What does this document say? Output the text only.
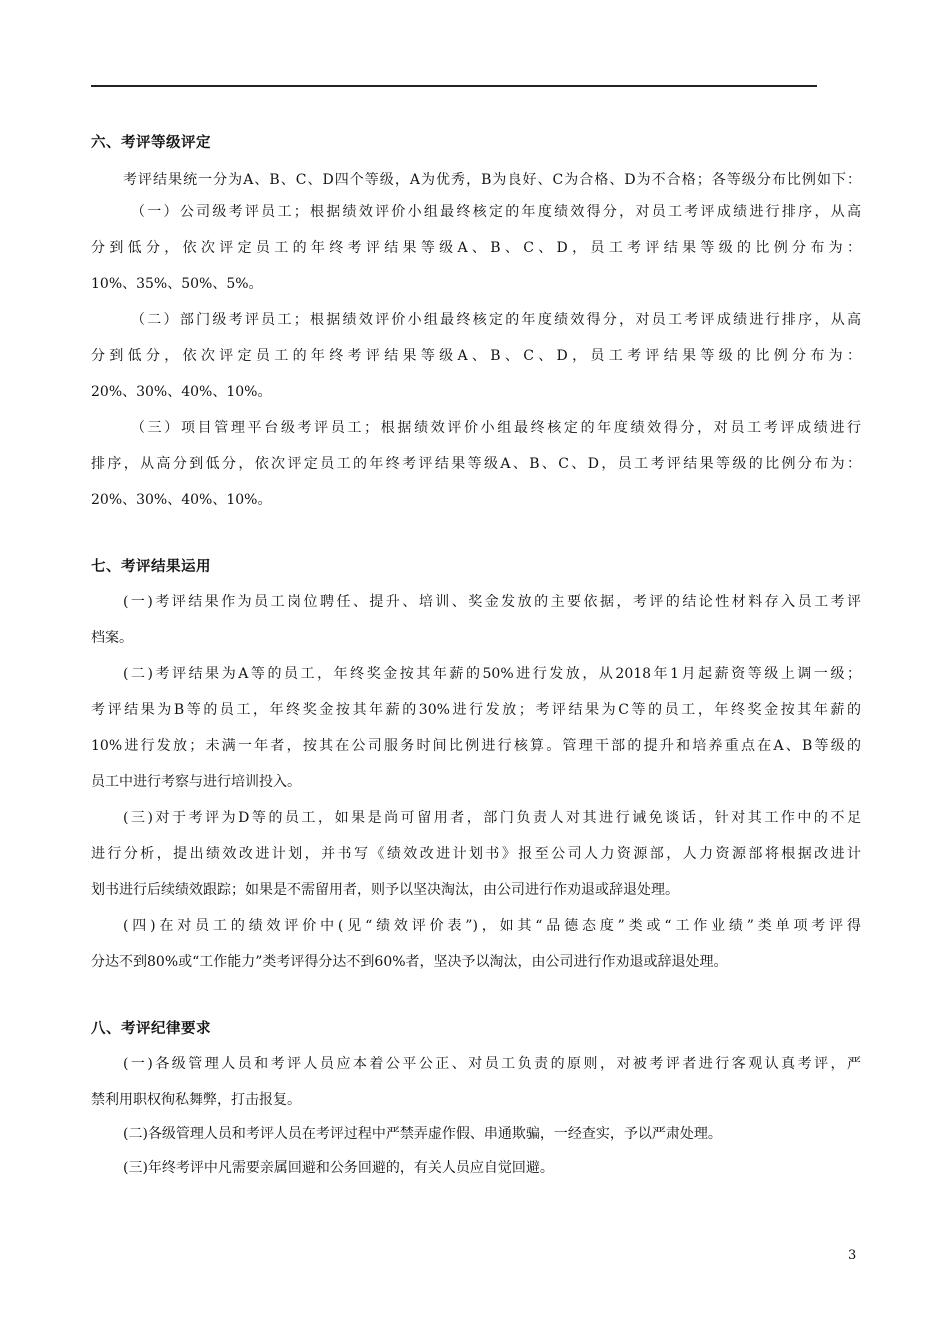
六、考评等级评定
考评结果统一分为A、B、C、D四个等级，A为优秀，B为良好、C为合格、D为不合格；各等级分布比例如下：
（一）公司级考评员工；根据绩效评价小组最终核定的年度绩效得分，对员工考评成绩进行排序，从高
分到低分，依次评定员工的年终考评结果等级A、B、C、D，员工考评结果等级的比例分布为：
10%、35%、50%、5%。
（二）部门级考评员工；根据绩效评价小组最终核定的年度绩效得分，对员工考评成绩进行排序，从高
分到低分，依次评定员工的年终考评结果等级A、B、C、D，员工考评结果等级的比例分布为：
20%、30%、40%、10%。
（三）项目管理平台级考评员工；根据绩效评价小组最终核定的年度绩效得分，对员工考评成绩进行
排序，从高分到低分，依次评定员工的年终考评结果等级A、B、C、D，员工考评结果等级的比例分布为：
20%、30%、40%、10%。
七、考评结果运用
(一)考评结果作为员工岗位聘任、提升、培训、奖金发放的主要依据，考评的结论性材料存入员工考评
档案。
(二)考评结果为A等的员工，年终奖金按其年薪的50%进行发放，从2018年1月起薪资等级上调一级；
考评结果为B等的员工，年终奖金按其年薪的30%进行发放；考评结果为C等的员工，年终奖金按其年薪的
10%进行发放；未满一年者，按其在公司服务时间比例进行核算。管理干部的提升和培养重点在A、B等级的
员工中进行考察与进行培训投入。
(三)对于考评为D等的员工，如果是尚可留用者，部门负责人对其进行诫免谈话，针对其工作中的不足
进行分析，提出绩效改进计划，并书写《绩效改进计划书》报至公司人力资源部，人力资源部将根据改进计
划书进行后续绩效跟踪；如果是不需留用者，则予以坚决淘汰，由公司进行作劝退或辞退处理。
(四)在对员工的绩效评价中(见“绩效评价表”)，如其“品德态度”类或“工作业绩”类单项考评得
分达不到80%或“工作能力”类考评得分达不到60%者，坚决予以淘汰，由公司进行作劝退或辞退处理。
八、考评纪律要求
(一)各级管理人员和考评人员应本着公平公正、对员工负责的原则，对被考评者进行客观认真考评，严
禁利用职权徇私舞弊，打击报复。
(二)各级管理人员和考评人员在考评过程中严禁弄虚作假、串通欺骗，一经查实，予以严肃处理。
(三)年终考评中凡需要亲属回避和公务回避的，有关人员应自觉回避。
3
